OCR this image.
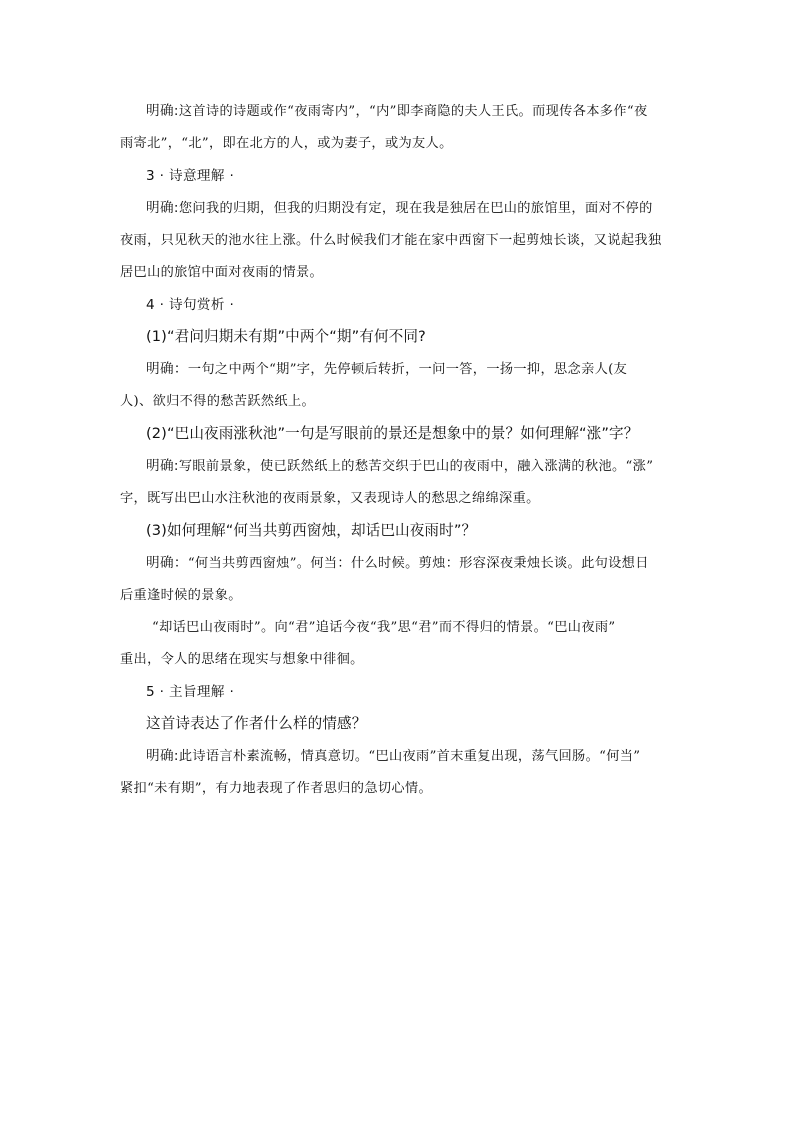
明确:这首诗的诗题或作“夜雨寄内”，“内”即李商隐的夫人王氏。而现传各本多作“夜
雨寄北”，“北”，即在北方的人，或为妻子，或为友人。
3 · 诗意理解 ·
明确:您问我的归期，但我的归期没有定，现在我是独居在巴山的旅馆里，面对不停的
夜雨，只见秋天的池水往上涨。什么时候我们才能在家中西窗下一起剪烛长谈，又说起我独
居巴山的旅馆中面对夜雨的情景。
4 · 诗句赏析 ·
(1)“君问归期未有期”中两个“期”有何不同?
明确：一句之中两个“期”字，先停顿后转折，一问一答，一扬一抑，思念亲人(友
人)、欲归不得的愁苦跃然纸上。
(2)“巴山夜雨涨秋池”一句是写眼前的景还是想象中的景？如何理解“涨”字？
明确:写眼前景象，使已跃然纸上的愁苦交织于巴山的夜雨中，融入涨满的秋池。“涨”
字，既写出巴山水注秋池的夜雨景象，又表现诗人的愁思之绵绵深重。
(3)如何理解“何当共剪西窗烛，却话巴山夜雨时”？
明确：“何当共剪西窗烛”。何当：什么时候。剪烛：形容深夜秉烛长谈。此句设想日
后重逢时候的景象。
“却话巴山夜雨时”。向“君”追话今夜“我”思“君”而不得归的情景。“巴山夜雨”
重出，令人的思绪在现实与想象中徘徊。
5 · 主旨理解 ·
这首诗表达了作者什么样的情感？
明确:此诗语言朴素流畅，情真意切。“巴山夜雨”首末重复出现，荡气回肠。“何当”
紧扣“未有期”，有力地表现了作者思归的急切心情。
